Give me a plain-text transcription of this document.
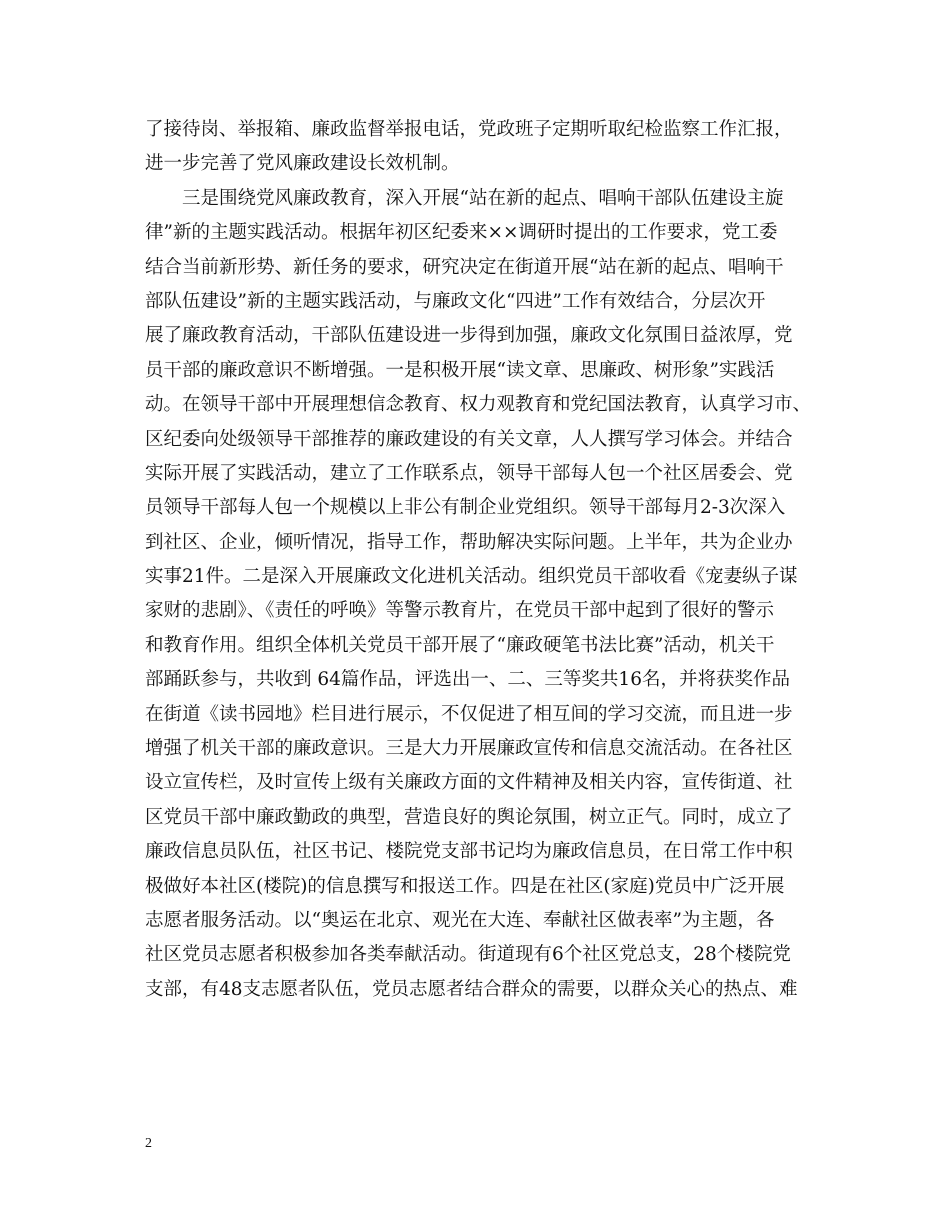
了接待岗、举报箱、廉政监督举报电话，党政班子定期听取纪检监察工作汇报，
进一步完善了党风廉政建设长效机制。
　　三是围绕党风廉政教育，深入开展“站在新的起点、唱响干部队伍建设主旋
律”新的主题实践活动。根据年初区纪委来××调研时提出的工作要求，党工委
结合当前新形势、新任务的要求，研究决定在街道开展“站在新的起点、唱响干
部队伍建设”新的主题实践活动，与廉政文化“四进”工作有效结合，分层次开
展了廉政教育活动，干部队伍建设进一步得到加强，廉政文化氛围日益浓厚，党
员干部的廉政意识不断增强。一是积极开展“读文章、思廉政、树形象”实践活
动。在领导干部中开展理想信念教育、权力观教育和党纪国法教育，认真学习市、
区纪委向处级领导干部推荐的廉政建设的有关文章，人人撰写学习体会。并结合
实际开展了实践活动，建立了工作联系点，领导干部每人包一个社区居委会、党
员领导干部每人包一个规模以上非公有制企业党组织。领导干部每月2-3次深入
到社区、企业，倾听情况，指导工作，帮助解决实际问题。上半年，共为企业办
实事21件。二是深入开展廉政文化进机关活动。组织党员干部收看《宠妻纵子谋
家财的悲剧》、《责任的呼唤》等警示教育片，在党员干部中起到了很好的警示
和教育作用。组织全体机关党员干部开展了“廉政硬笔书法比赛”活动，机关干
部踊跃参与，共收到 64篇作品，评选出一、二、三等奖共16名，并将获奖作品
在街道《读书园地》栏目进行展示，不仅促进了相互间的学习交流，而且进一步
增强了机关干部的廉政意识。三是大力开展廉政宣传和信息交流活动。在各社区
设立宣传栏，及时宣传上级有关廉政方面的文件精神及相关内容，宣传街道、社
区党员干部中廉政勤政的典型，营造良好的舆论氛围，树立正气。同时，成立了
廉政信息员队伍，社区书记、楼院党支部书记均为廉政信息员，在日常工作中积
极做好本社区(楼院)的信息撰写和报送工作。四是在社区(家庭)党员中广泛开展
志愿者服务活动。以“奥运在北京、观光在大连、奉献社区做表率”为主题，各
社区党员志愿者积极参加各类奉献活动。街道现有6个社区党总支，28个楼院党
支部，有48支志愿者队伍，党员志愿者结合群众的需要，以群众关心的热点、难
2
